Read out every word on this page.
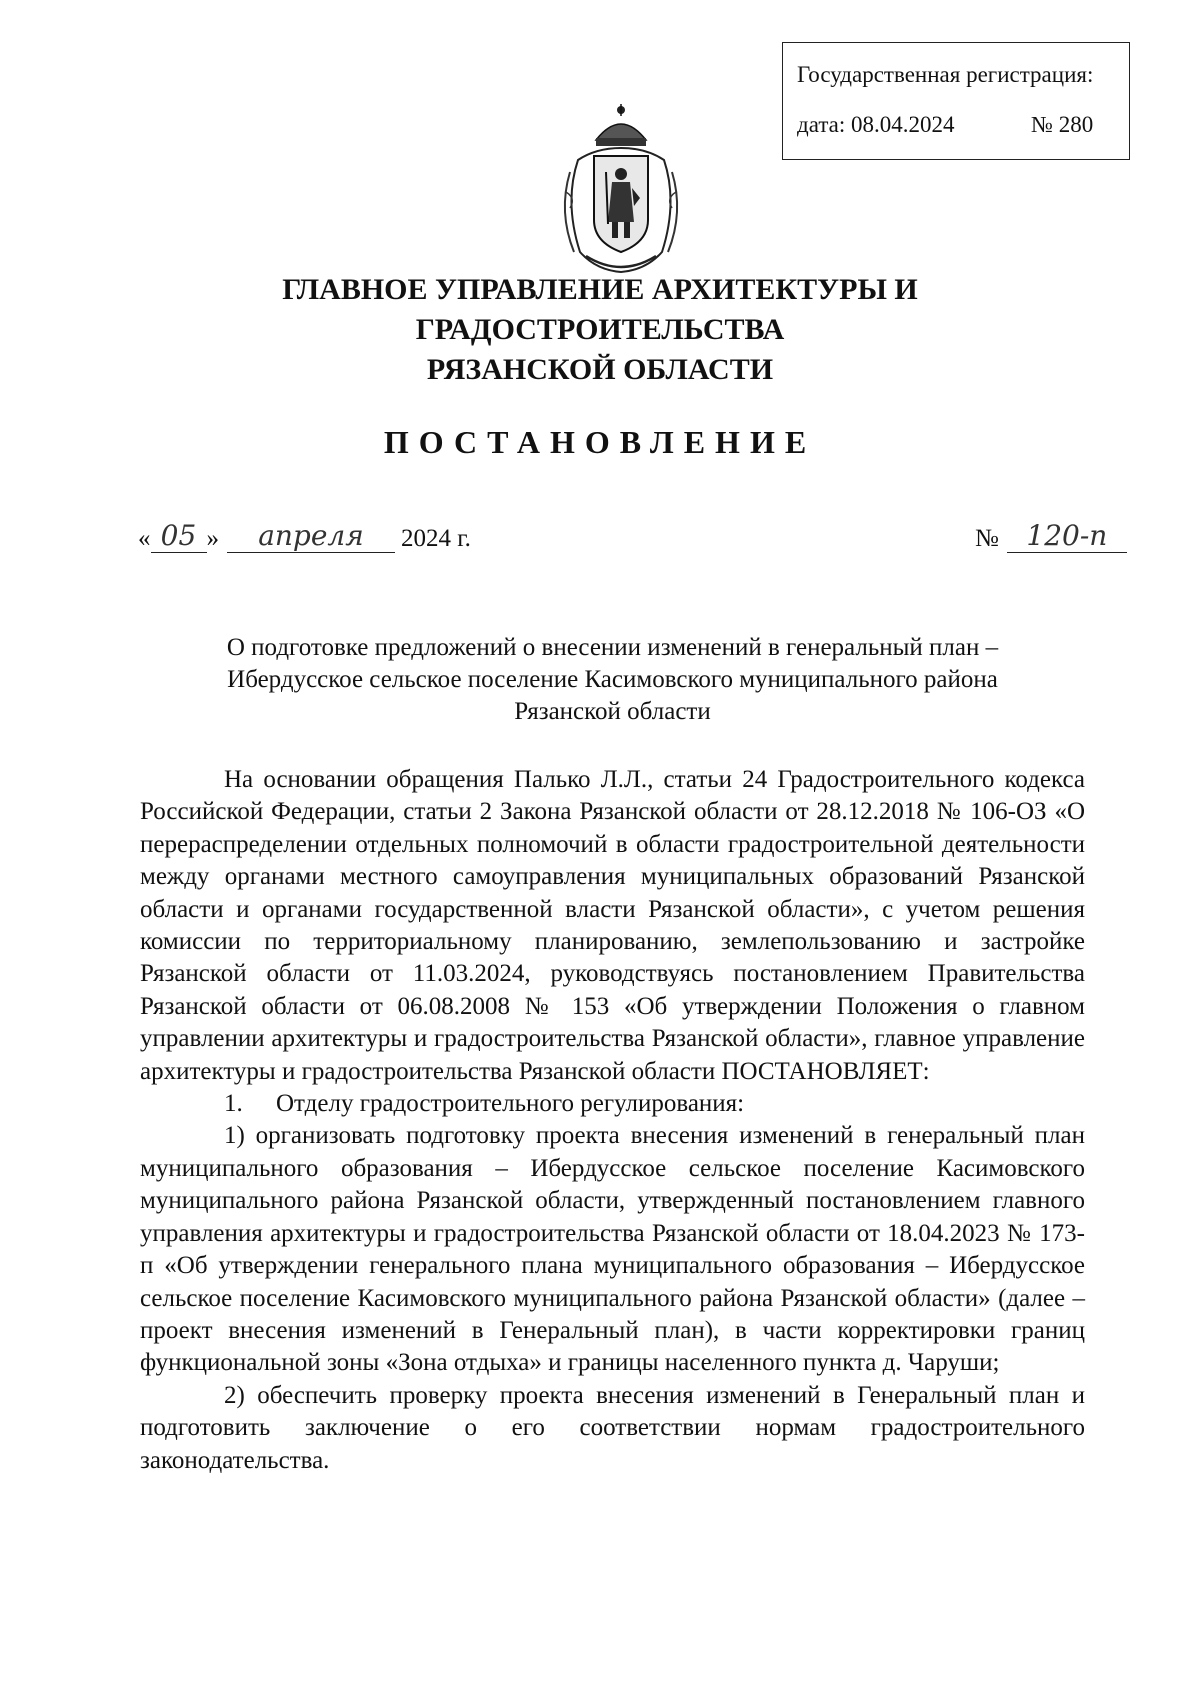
Государственная регистрация:
дата: 08.04.2024	№ 280
ГЛАВНОЕ УПРАВЛЕНИЕ АРХИТЕКТУРЫ И ГРАДОСТРОИТЕЛЬСТВА
РЯЗАНСКОЙ ОБЛАСТИ
ПОСТАНОВЛЕНИЕ
« 05 »	апреля	2024 г.	№ 120-п
О подготовке предложений о внесении изменений в генеральный план –
Ибердусское сельское поселение Касимовского муниципального района
Рязанской области

На основании обращения Палько Л.Л., статьи 24 Градостроительного кодекса Российской Федерации, статьи 2 Закона Рязанской области от 28.12.2018 № 106-ОЗ «О перераспределении отдельных полномочий в области градостроительной деятельности между органами местного самоуправления муниципальных образований Рязанской области и органами государственной власти Рязанской области», с учетом решения комиссии по территориальному планированию, землепользованию и застройке Рязанской области от 11.03.2024, руководствуясь постановлением Правительства Рязанской области от 06.08.2008 № 153 «Об утверждении Положения о главном управлении архитектуры и градостроительства Рязанской области», главное управление архитектуры и градостроительства Рязанской области ПОСТАНОВЛЯЕТ:

1. Отделу градостроительного регулирования:

1) организовать подготовку проекта внесения изменений в генеральный план муниципального образования – Ибердусское сельское поселение Касимовского муниципального района Рязанской области, утвержденный постановлением главного управления архитектуры и градостроительства Рязанской области от 18.04.2023 № 173-п «Об утверждении генерального плана муниципального образования – Ибердусское сельское поселение Касимовского муниципального района Рязанской области» (далее – проект внесения изменений в Генеральный план), в части корректировки границ функциональной зоны «Зона отдыха» и границы населенного пункта д. Чаруши;

2) обеспечить проверку проекта внесения изменений в Генеральный план и подготовить заключение о его соответствии нормам градостроительного законодательства.
